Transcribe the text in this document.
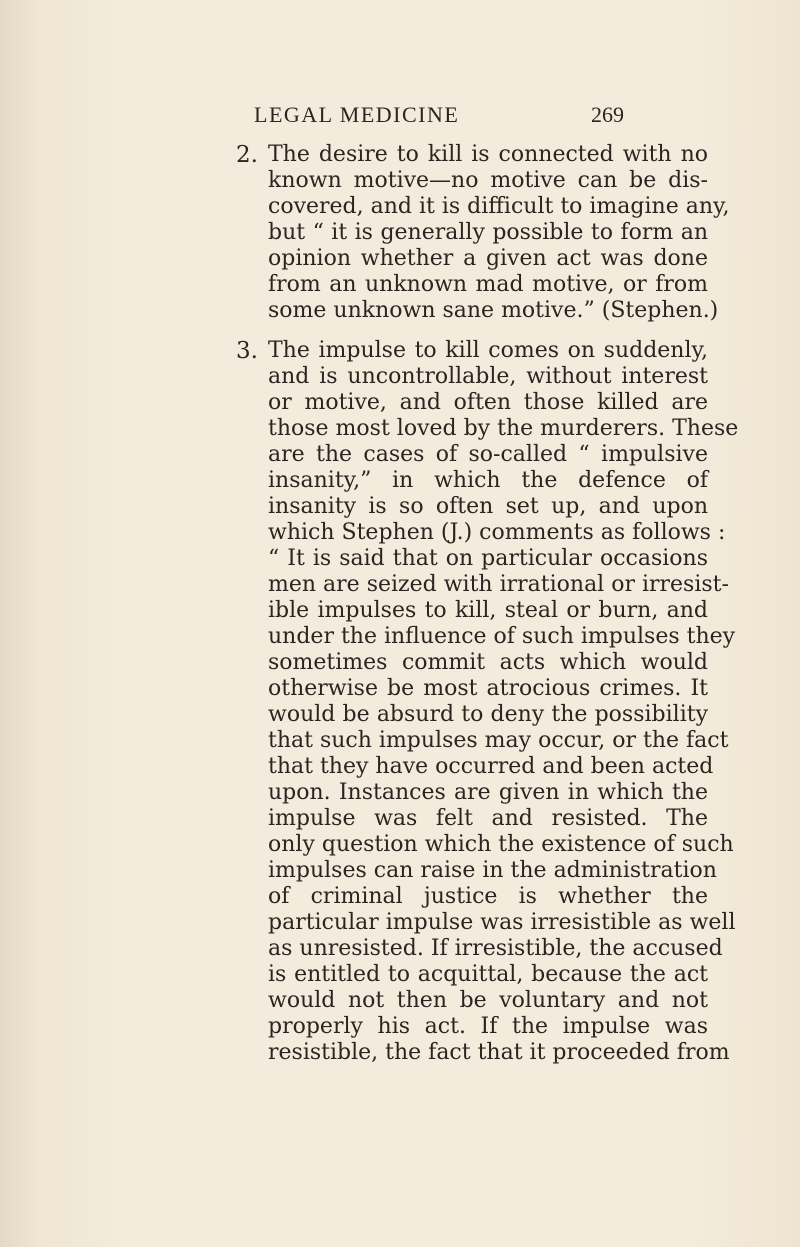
LEGAL MEDICINE	269
2. The desire to kill is connected with no
known motive—no motive can be dis-
covered, and it is difficult to imagine any,
but “ it is generally possible to form an
opinion whether a given act was done
from an unknown mad motive, or from
some unknown sane motive.” (Stephen.)
3. The impulse to kill comes on suddenly,
and is uncontrollable, without interest
or motive, and often those killed are
those most loved by the murderers. These
are the cases of so-called “ impulsive
insanity,” in which the defence of
insanity is so often set up, and upon
which Stephen (J.) comments as follows :
“ It is said that on particular occasions
men are seized with irrational or irresist-
ible impulses to kill, steal or burn, and
under the influence of such impulses they
sometimes commit acts which would
otherwise be most atrocious crimes. It
would be absurd to deny the possibility
that such impulses may occur, or the fact
that they have occurred and been acted
upon. Instances are given in which the
impulse was felt and resisted. The
only question which the existence of such
impulses can raise in the administration
of criminal justice is whether the
particular impulse was irresistible as well
as unresisted. If irresistible, the accused
is entitled to acquittal, because the act
would not then be voluntary and not
properly his act. If the impulse was
resistible, the fact that it proceeded from
